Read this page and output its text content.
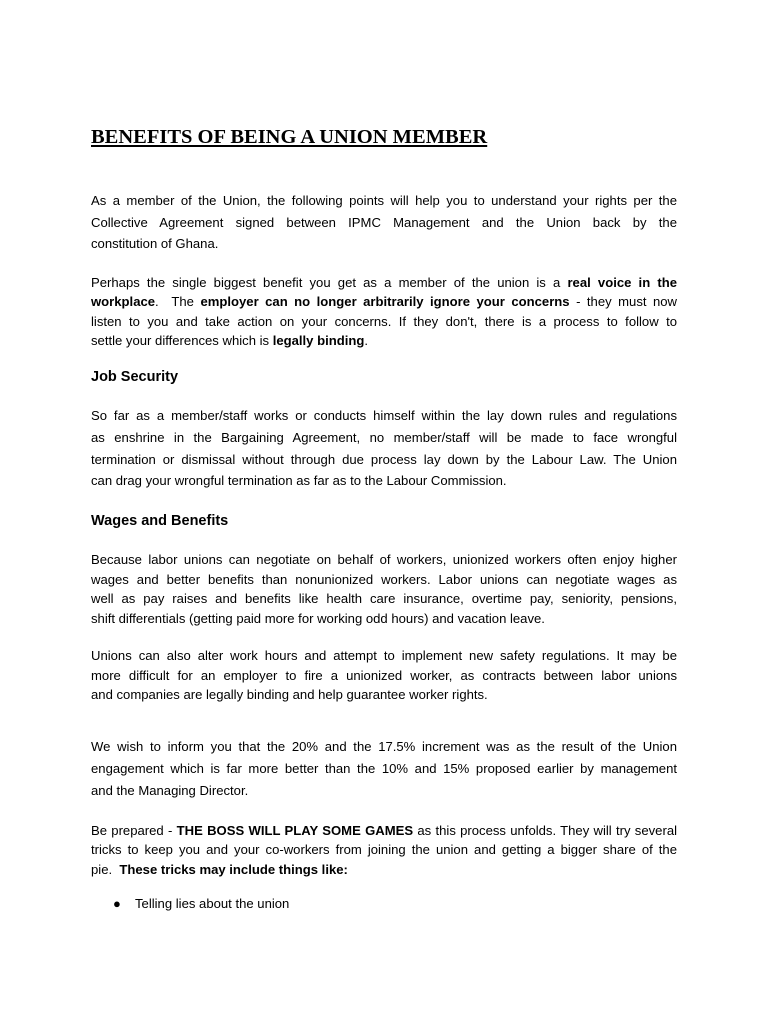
BENEFITS OF BEING A UNION MEMBER
As a member of the Union, the following points will help you to understand your rights per the
Collective Agreement signed between IPMC Management and the Union back by the
constitution of Ghana.
Perhaps the single biggest benefit you get as a member of the union is a real voice in the
workplace.  The employer can no longer arbitrarily ignore your concerns - they must now
listen to you and take action on your concerns. If they don't, there is a process to follow to
settle your differences which is legally binding.
Job Security
So far as a member/staff works or conducts himself within the lay down rules and regulations
as enshrine in the Bargaining Agreement, no member/staff will be made to face wrongful
termination or dismissal without through due process lay down by the Labour Law. The Union
can drag your wrongful termination as far as to the Labour Commission.
Wages and Benefits
Because labor unions can negotiate on behalf of workers, unionized workers often enjoy higher
wages and better benefits than nonunionized workers. Labor unions can negotiate wages as
well as pay raises and benefits like health care insurance, overtime pay, seniority, pensions,
shift differentials (getting paid more for working odd hours) and vacation leave.
Unions can also alter work hours and attempt to implement new safety regulations. It may be
more difficult for an employer to fire a unionized worker, as contracts between labor unions
and companies are legally binding and help guarantee worker rights.
We wish to inform you that the 20% and the 17.5% increment was as the result of the Union
engagement which is far more better than the 10% and 15% proposed earlier by management
and the Managing Director.
Be prepared - THE BOSS WILL PLAY SOME GAMES as this process unfolds. They will try several
tricks to keep you and your co-workers from joining the union and getting a bigger share of the
pie.  These tricks may include things like:
● Telling lies about the union
